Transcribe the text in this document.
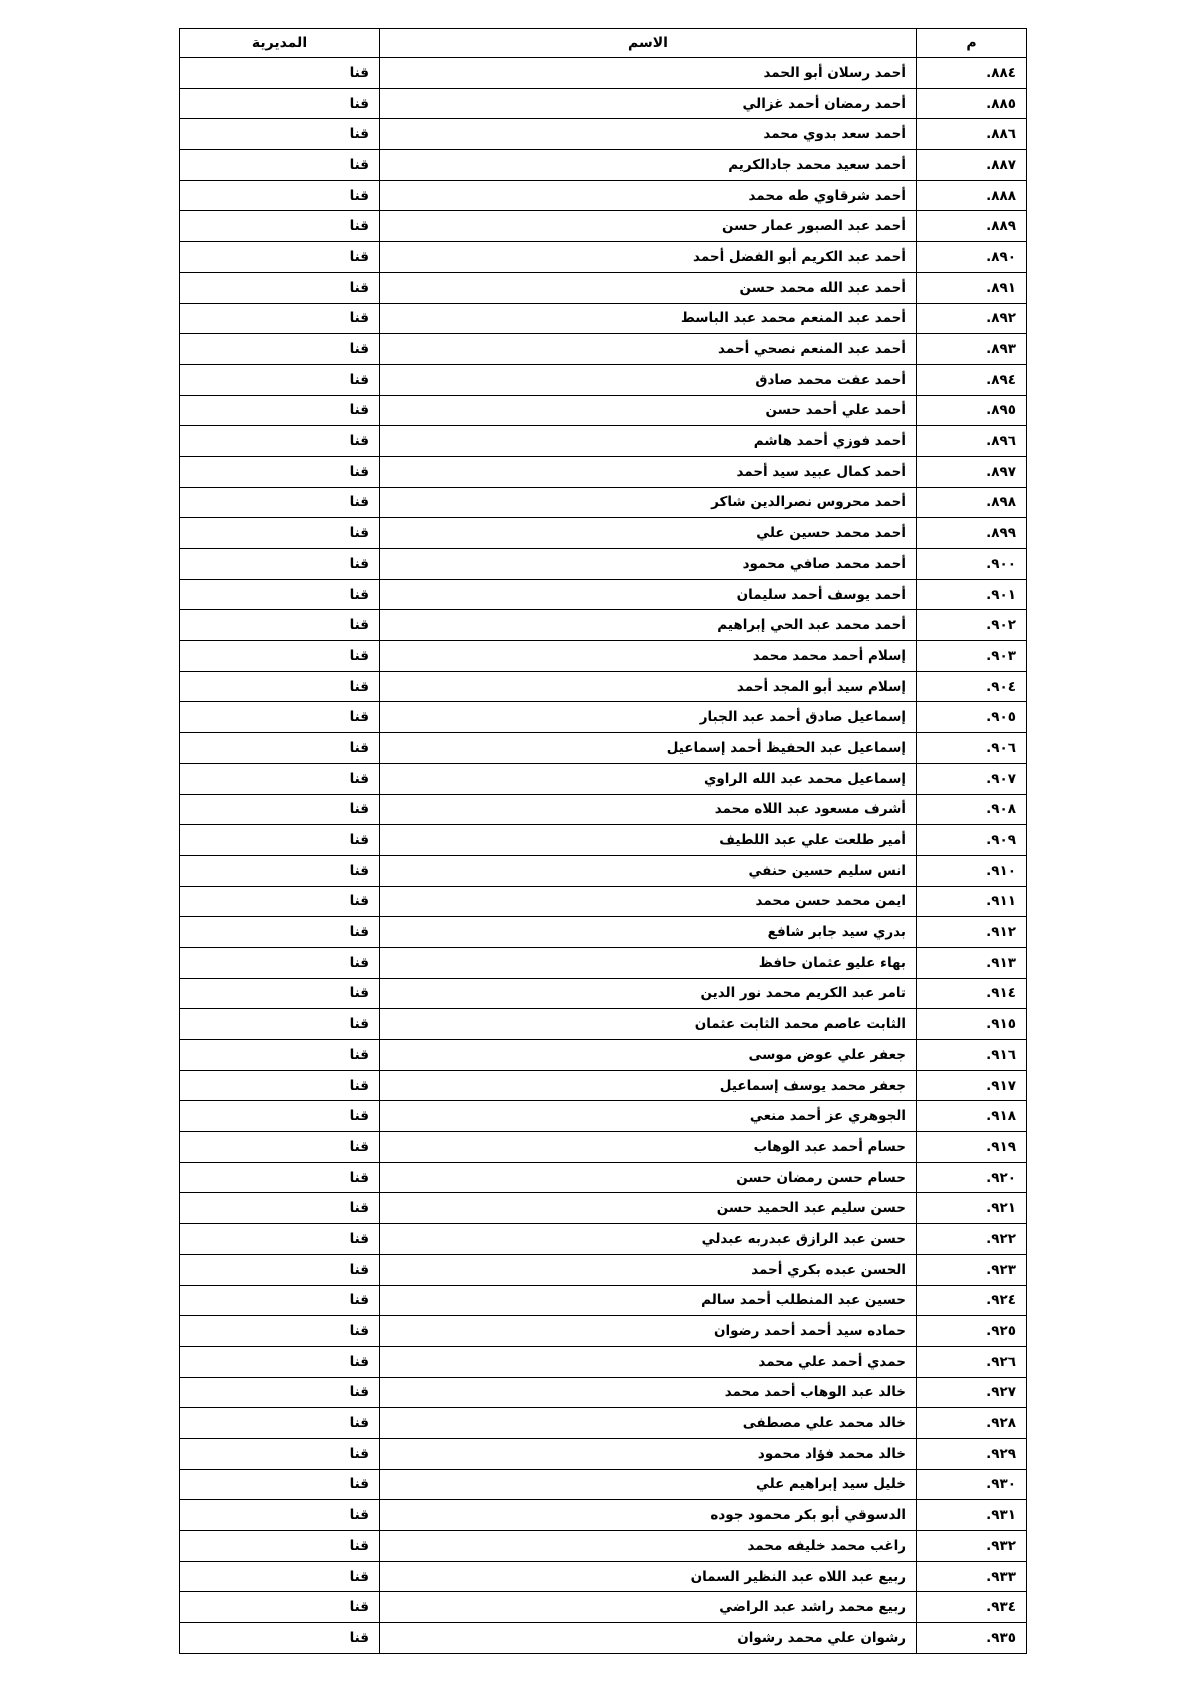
م	الاسم	المديرية
٨٨٤.	أحمد رسلان أبو الحمد	قنا
٨٨٥.	أحمد رمضان أحمد غزالي	قنا
٨٨٦.	أحمد سعد بدوي محمد	قنا
٨٨٧.	أحمد سعيد محمد جادالكريم	قنا
٨٨٨.	أحمد شرقاوي طه محمد	قنا
٨٨٩.	أحمد عبد الصبور عمار حسن	قنا
٨٩٠.	أحمد عبد الكريم أبو الفضل أحمد	قنا
٨٩١.	أحمد عبد الله محمد حسن	قنا
٨٩٢.	أحمد عبد المنعم محمد عبد الباسط	قنا
٨٩٣.	أحمد عبد المنعم نصحي أحمد	قنا
٨٩٤.	أحمد عفت محمد صادق	قنا
٨٩٥.	أحمد علي أحمد حسن	قنا
٨٩٦.	أحمد فوزي أحمد هاشم	قنا
٨٩٧.	أحمد كمال عبيد سيد أحمد	قنا
٨٩٨.	أحمد محروس نصرالدين شاكر	قنا
٨٩٩.	أحمد محمد حسين علي	قنا
٩٠٠.	أحمد محمد صافي محمود	قنا
٩٠١.	أحمد يوسف أحمد سليمان	قنا
٩٠٢.	أحمد محمد عبد الحي إبراهيم	قنا
٩٠٣.	إسلام أحمد محمد محمد	قنا
٩٠٤.	إسلام سيد أبو المجد أحمد	قنا
٩٠٥.	إسماعيل صادق أحمد عبد الجبار	قنا
٩٠٦.	إسماعيل عبد الحفيظ أحمد إسماعيل	قنا
٩٠٧.	إسماعيل محمد عبد الله الراوي	قنا
٩٠٨.	أشرف مسعود عبد اللاه محمد	قنا
٩٠٩.	أمير طلعت علي عبد اللطيف	قنا
٩١٠.	انس سليم حسين حنفي	قنا
٩١١.	ايمن محمد حسن محمد	قنا
٩١٢.	بدري سيد جابر شافع	قنا
٩١٣.	بهاء عليو عثمان حافظ	قنا
٩١٤.	تامر عبد الكريم محمد نور الدين	قنا
٩١٥.	الثابت عاصم محمد الثابت عثمان	قنا
٩١٦.	جعفر علي عوض موسى	قنا
٩١٧.	جعفر محمد يوسف إسماعيل	قنا
٩١٨.	الجوهري عز أحمد منعي	قنا
٩١٩.	حسام أحمد عبد الوهاب	قنا
٩٢٠.	حسام حسن رمضان حسن	قنا
٩٢١.	حسن سليم عبد الحميد حسن	قنا
٩٢٢.	حسن عبد الرازق عبدربه عبدلي	قنا
٩٢٣.	الحسن عبده بكري أحمد	قنا
٩٢٤.	حسين عبد المنطلب أحمد سالم	قنا
٩٢٥.	حماده سيد أحمد أحمد رضوان	قنا
٩٢٦.	حمدي أحمد علي محمد	قنا
٩٢٧.	خالد عبد الوهاب أحمد محمد	قنا
٩٢٨.	خالد محمد علي مصطفى	قنا
٩٢٩.	خالد محمد فؤاد محمود	قنا
٩٣٠.	خليل سيد إبراهيم علي	قنا
٩٣١.	الدسوقي أبو بكر محمود جوده	قنا
٩٣٢.	راغب محمد خليفه محمد	قنا
٩٣٣.	ربيع عبد اللاه عبد النظير السمان	قنا
٩٣٤.	ربيع محمد راشد عبد الراضي	قنا
٩٣٥.	رشوان علي محمد رشوان	قنا
